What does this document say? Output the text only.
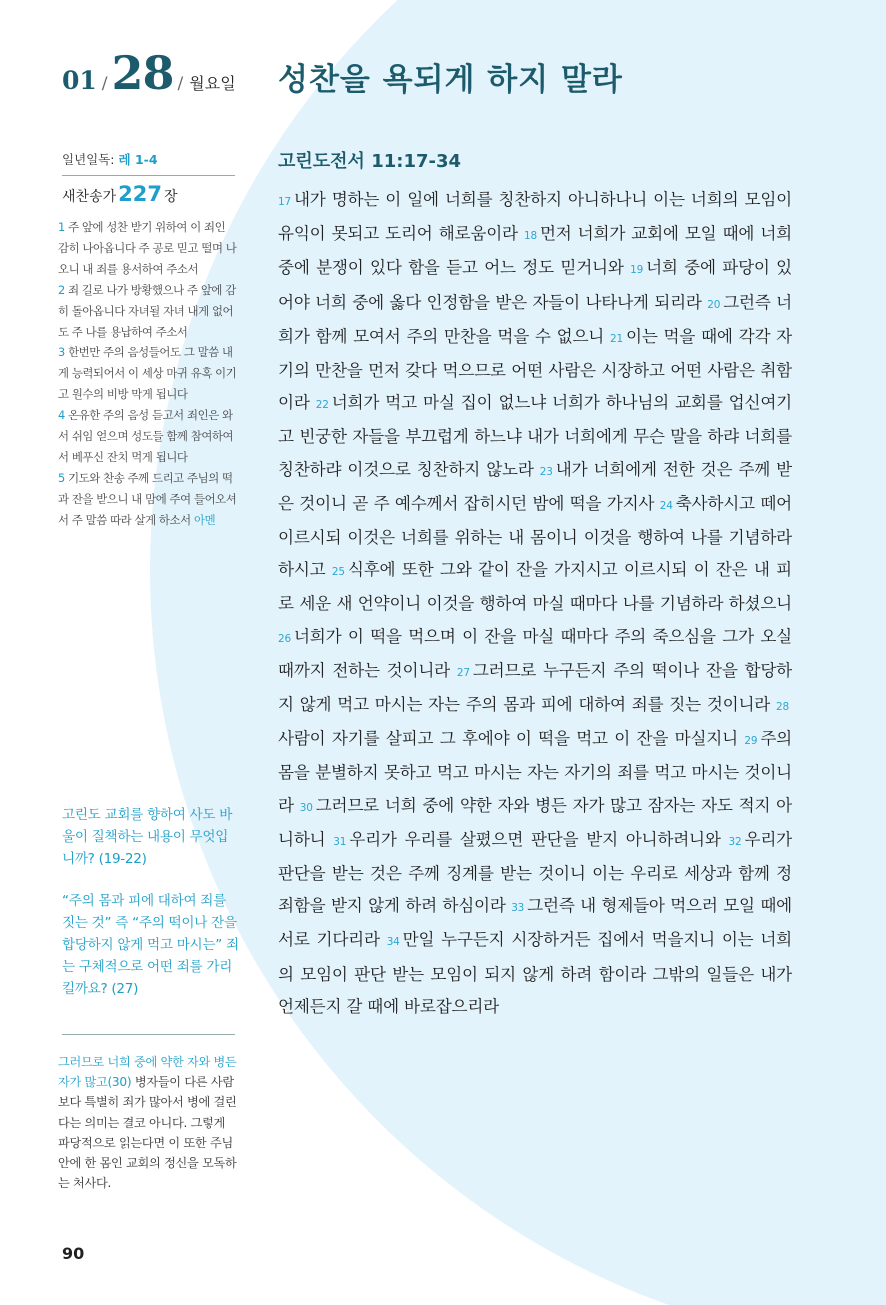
01 / 28 / 월요일 성찬을 욕되게 하지 말라
일년일독: 레 1-4
새찬송가 227 장
1 주 앞에 성찬 받기 위하여 이 죄인 감히 나아옵니다 주 공로 믿고 떨며 나오니 내 죄를 용서하여 주소서
2 죄 길로 나가 방황했으나 주 앞에 감히 돌아옵니다 자녀될 자녀 내게 없어도 주 나를 용납하여 주소서
3 한번만 주의 음성들어도 그 말씀 내게 능력되어서 이 세상 마귀 유혹 이기고 원수의 비방 막게 됩니다
4 온유한 주의 음성 듣고서 죄인은 와서 쉬임 얻으며 성도들 함께 참여하여서 베푸신 잔치 먹게 됩니다
5 기도와 찬송 주께 드리고 주님의 떡과 잔을 받으니 내 맘에 주여 들어오셔서 주 말씀 따라 살게 하소서 아멘
고린도 교회를 향하여 사도 바울이 질책하는 내용이 무엇입니까? (19-22)
“주의 몸과 피에 대하여 죄를 짓는 것” 즉 “주의 떡이나 잔을 합당하지 않게 먹고 마시는” 죄는 구체적으로 어떤 죄를 가리킬까요? (27)
그러므로 너희 중에 약한 자와 병든 자가 많고(30) 병자들이 다른 사람보다 특별히 죄가 많아서 병에 걸린다는 의미는 결코 아니다. 그렇게 파당적으로 읽는다면 이 또한 주님 안에 한 몸인 교회의 정신을 모독하는 처사다.
90
고린도전서 11:17-34
17 내가 명하는 이 일에 너희를 칭찬하지 아니하나니 이는 너희의 모임이 유익이 못되고 도리어 해로움이라 18 먼저 너희가 교회에 모일 때에 너희 중에 분쟁이 있다 함을 듣고 어느 정도 믿거니와 19 너희 중에 파당이 있어야 너희 중에 옳다 인정함을 받은 자들이 나타나게 되리라 20 그런즉 너희가 함께 모여서 주의 만찬을 먹을 수 없으니 21 이는 먹을 때에 각각 자기의 만찬을 먼저 갖다 먹으므로 어떤 사람은 시장하고 어떤 사람은 취함이라 22 너희가 먹고 마실 집이 없느냐 너희가 하나님의 교회를 업신여기고 빈궁한 자들을 부끄럽게 하느냐 내가 너희에게 무슨 말을 하랴 너희를 칭찬하랴 이것으로 칭찬하지 않노라 23 내가 너희에게 전한 것은 주께 받은 것이니 곧 주 예수께서 잡히시던 밤에 떡을 가지사 24 축사하시고 떼어 이르시되 이것은 너희를 위하는 내 몸이니 이것을 행하여 나를 기념하라 하시고 25 식후에 또한 그와 같이 잔을 가지시고 이르시되 이 잔은 내 피로 세운 새 언약이니 이것을 행하여 마실 때마다 나를 기념하라 하셨으니 26 너희가 이 떡을 먹으며 이 잔을 마실 때마다 주의 죽으심을 그가 오실 때까지 전하는 것이니라 27 그러므로 누구든지 주의 떡이나 잔을 합당하지 않게 먹고 마시는 자는 주의 몸과 피에 대하여 죄를 짓는 것이니라 28사람이 자기를 살피고 그 후에야 이 떡을 먹고 이 잔을 마실지니 29 주의 몸을 분별하지 못하고 먹고 마시는 자는 자기의 죄를 먹고 마시는 것이니라 30 그러므로 너희 중에 약한 자와 병든 자가 많고 잠자는 자도 적지 아니하니 31 우리가 우리를 살폈으면 판단을 받지 아니하려니와 32 우리가 판단을 받는 것은 주께 징계를 받는 것이니 이는 우리로 세상과 함께 정죄함을 받지 않게 하려 하심이라 33 그런즉 내 형제들아 먹으러 모일 때에 서로 기다리라 34 만일 누구든지 시장하거든 집에서 먹을지니 이는 너희의 모임이 판단 받는 모임이 되지 않게 하려 함이라 그밖의 일들은 내가 언제든지 갈 때에 바로잡으리라
